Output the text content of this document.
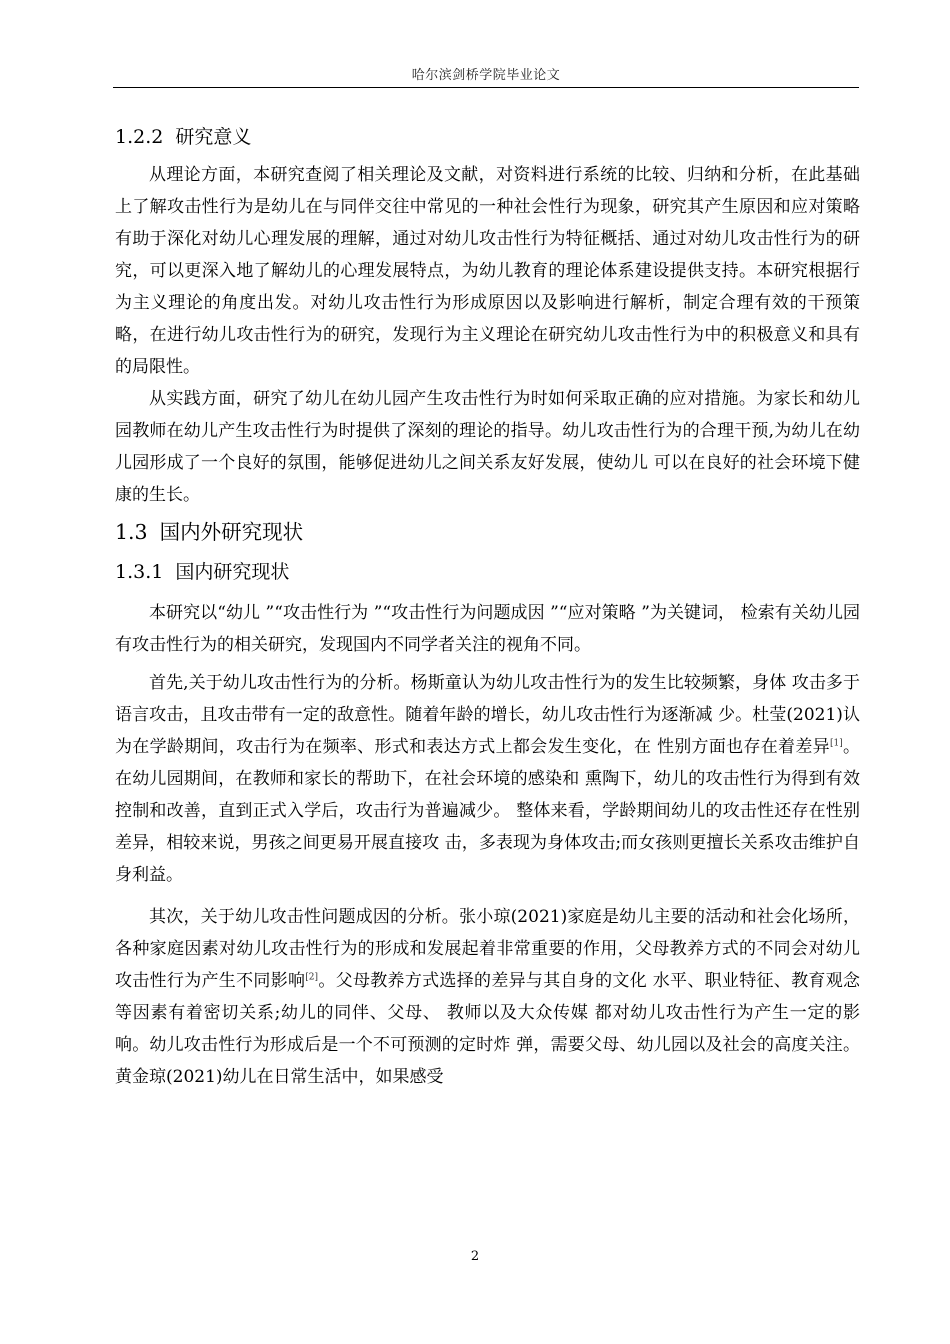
哈尔滨剑桥学院毕业论文
1.2.2 研究意义

从理论方面，本研究查阅了相关理论及文献，对资料进行系统的比较、归纳和分析，在此基础上了解攻击性行为是幼儿在与同伴交往中常见的一种社会性行为现象，研究其产生原因和应对策略有助于深化对幼儿心理发展的理解，通过对幼儿攻击性行为特征概括、通过对幼儿攻击性行为的研究，可以更深入地了解幼儿的心理发展特点，为幼儿教育的理论体系建设提供支持。本研究根据行为主义理论的角度出发。对幼儿攻击性行为形成原因以及影响进行解析，制定合理有效的干预策略，在进行幼儿攻击性行为的研究，发现行为主义理论在研究幼儿攻击性行为中的积极意义和具有的局限性。

从实践方面，研究了幼儿在幼儿园产生攻击性行为时如何采取正确的应对措施。为家长和幼儿园教师在幼儿产生攻击性行为时提供了深刻的理论的指导。幼儿攻击性行为的合理干预,为幼儿在幼儿园形成了一个良好的氛围，能够促进幼儿之间关系友好发展，使幼儿 可以在良好的社会环境下健康的生长。

1.3 国内外研究现状
1.3.1 国内研究现状

本研究以“幼儿 ”“攻击性行为 ”“攻击性行为问题成因 ”“应对策略 ”为关键词， 检索有关幼儿园有攻击性行为的相关研究，发现国内不同学者关注的视角不同。

首先,关于幼儿攻击性行为的分析。杨斯童认为幼儿攻击性行为的发生比较频繁，身体 攻击多于语言攻击，且攻击带有一定的敌意性。随着年龄的增长，幼儿攻击性行为逐渐减 少。杜莹(2021)认为在学龄期间，攻击行为在频率、形式和表达方式上都会发生变化，在 性别方面也存在着差异[1]。在幼儿园期间，在教师和家长的帮助下，在社会环境的感染和 熏陶下，幼儿的攻击性行为得到有效控制和改善，直到正式入学后，攻击行为普遍减少。 整体来看，学龄期间幼儿的攻击性还存在性别差异，相较来说，男孩之间更易开展直接攻 击，多表现为身体攻击;而女孩则更擅长关系攻击维护自身利益。

其次，关于幼儿攻击性问题成因的分析。张小琼(2021)家庭是幼儿主要的活动和社会化场所，各种家庭因素对幼儿攻击性行为的形成和发展起着非常重要的作用，父母教养方式的不同会对幼儿攻击性行为产生不同影响[2]。父母教养方式选择的差异与其自身的文化 水平、职业特征、教育观念等因素有着密切关系;幼儿的同伴、父母、 教师以及大众传媒 都对幼儿攻击性行为产生一定的影响。幼儿攻击性行为形成后是一个不可预测的定时炸 弹，需要父母、幼儿园以及社会的高度关注。黄金琼(2021)幼儿在日常生活中，如果感受

2
